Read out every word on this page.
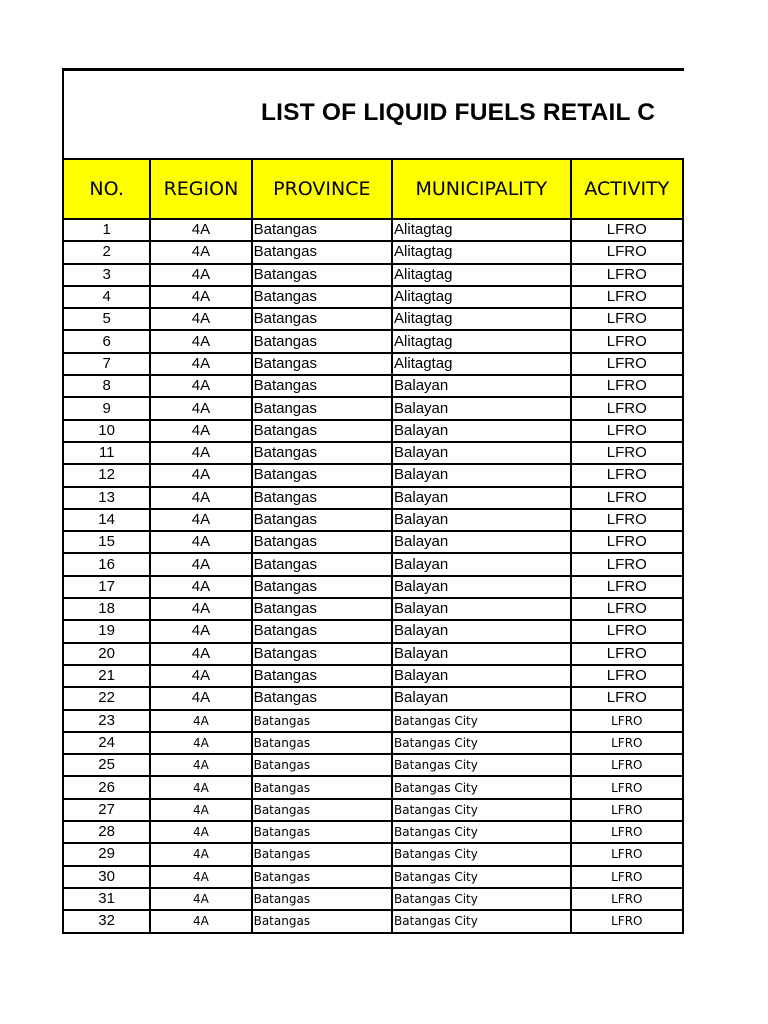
LIST OF LIQUID FUELS RETAIL C
NO.	REGION	PROVINCE	MUNICIPALITY	ACTIVITY
1	4A	Batangas	Alitagtag	LFRO
2	4A	Batangas	Alitagtag	LFRO
3	4A	Batangas	Alitagtag	LFRO
4	4A	Batangas	Alitagtag	LFRO
5	4A	Batangas	Alitagtag	LFRO
6	4A	Batangas	Alitagtag	LFRO
7	4A	Batangas	Alitagtag	LFRO
8	4A	Batangas	Balayan	LFRO
9	4A	Batangas	Balayan	LFRO
10	4A	Batangas	Balayan	LFRO
11	4A	Batangas	Balayan	LFRO
12	4A	Batangas	Balayan	LFRO
13	4A	Batangas	Balayan	LFRO
14	4A	Batangas	Balayan	LFRO
15	4A	Batangas	Balayan	LFRO
16	4A	Batangas	Balayan	LFRO
17	4A	Batangas	Balayan	LFRO
18	4A	Batangas	Balayan	LFRO
19	4A	Batangas	Balayan	LFRO
20	4A	Batangas	Balayan	LFRO
21	4A	Batangas	Balayan	LFRO
22	4A	Batangas	Balayan	LFRO
23	4A	Batangas	Batangas City	LFRO
24	4A	Batangas	Batangas City	LFRO
25	4A	Batangas	Batangas City	LFRO
26	4A	Batangas	Batangas City	LFRO
27	4A	Batangas	Batangas City	LFRO
28	4A	Batangas	Batangas City	LFRO
29	4A	Batangas	Batangas City	LFRO
30	4A	Batangas	Batangas City	LFRO
31	4A	Batangas	Batangas City	LFRO
32	4A	Batangas	Batangas City	LFRO
